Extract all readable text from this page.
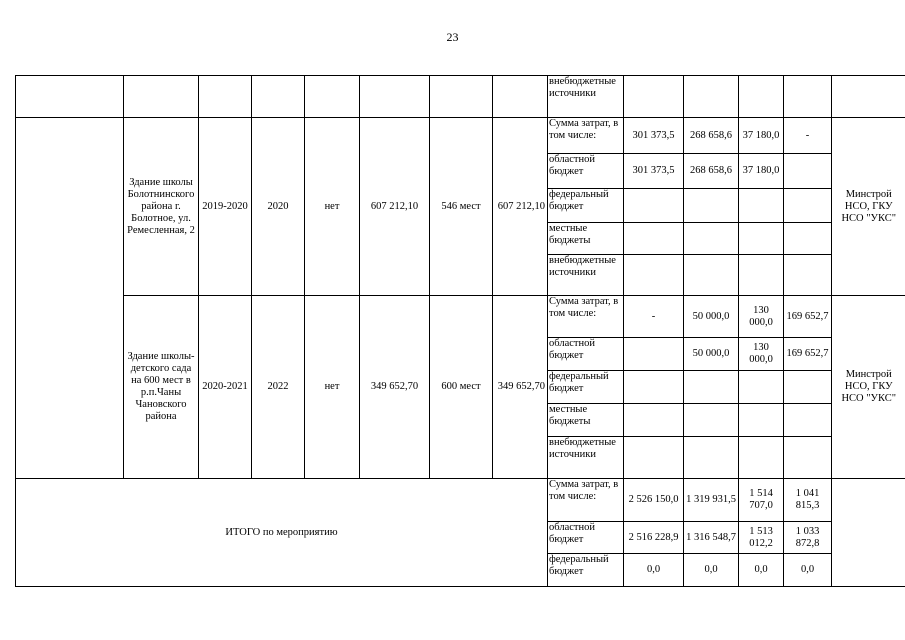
23
								внебюджетные источники					
	Здание школы Болотнинского района г. Болотное, ул. Ремесленная, 2	2019-2020	2020	нет	607 212,10	546 мест	607 212,10	Сумма затрат, в том числе:	301 373,5	268 658,6	37 180,0	-	Минстрой НСО, ГКУ НСО "УКС"
								областной бюджет	301 373,5	268 658,6	37 180,0		
								федеральный бюджет					
								местные бюджеты					
								внебюджетные источники					
	Здание школы-детского сада на 600 мест в р.п.Чаны Чановского района	2020-2021	2022	нет	349 652,70	600 мест	349 652,70	Сумма затрат, в том числе:	-	50 000,0	130 000,0	169 652,7	Минстрой НСО, ГКУ НСО "УКС"
								областной бюджет		50 000,0	130 000,0	169 652,7	
								федеральный бюджет					
								местные бюджеты					
								внебюджетные источники					
ИТОГО по мероприятию								Сумма затрат, в том числе:	2 526 150,0	1 319 931,5	1 514 707,0	1 041 815,3	
								областной бюджет	2 516 228,9	1 316 548,7	1 513 012,2	1 033 872,8	
								федеральный бюджет	0,0	0,0	0,0	0,0	
